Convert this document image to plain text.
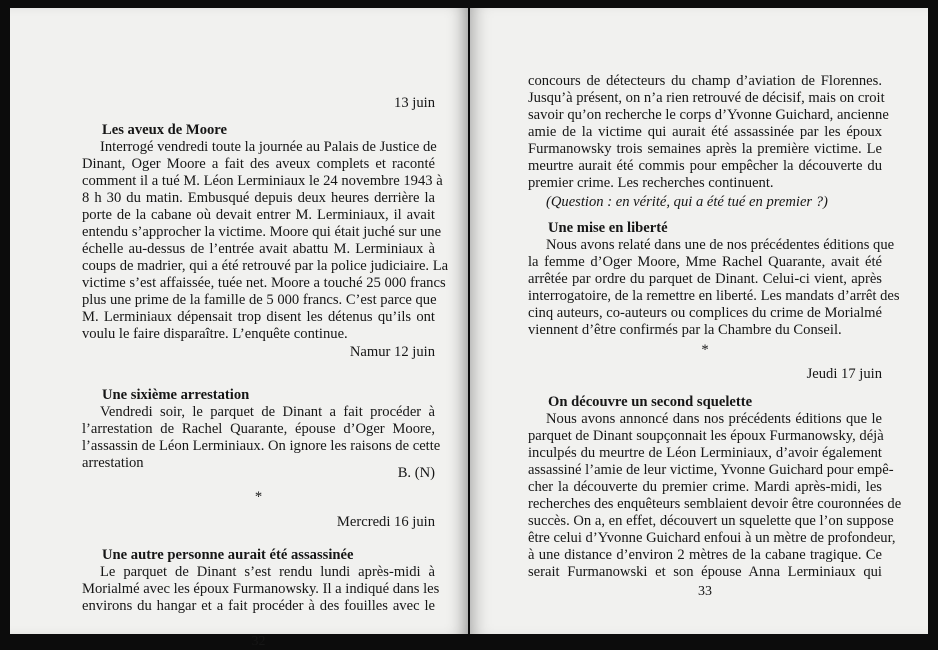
13 juin
Les aveux de Moore
Interrogé vendredi toute la journée au Palais de Justice de
Dinant, Oger Moore a fait des aveux complets et raconté
comment il a tué M. Léon Lerminiaux le 24 novembre 1943 à
8 h 30 du matin. Embusqué depuis deux heures derrière la
porte de la cabane où devait entrer M. Lerminiaux, il avait
entendu s’approcher la victime. Moore qui était juché sur une
échelle au-dessus de l’entrée avait abattu M. Lerminiaux à
coups de madrier, qui a été retrouvé par la police judiciaire. La
victime s’est affaissée, tuée net. Moore a touché 25 000 francs
plus une prime de la famille de 5 000 francs. C’est parce que
M. Lerminiaux dépensait trop disent les détenus qu’ils ont
voulu le faire disparaître. L’enquête continue.
Namur 12 juin
Une sixième arrestation
Vendredi soir, le parquet de Dinant a fait procéder à
l’arrestation de Rachel Quarante, épouse d’Oger Moore,
l’assassin de Léon Lerminiaux. On ignore les raisons de cette
arrestation
B. (N)
*
Mercredi 16 juin
Une autre personne aurait été assassinée
Le parquet de Dinant s’est rendu lundi après-midi à
Morialmé avec les époux Furmanowsky. Il a indiqué dans les
environs du hangar et a fait procéder à des fouilles avec le
32
concours de détecteurs du champ d’aviation de Florennes.
Jusqu’à présent, on n’a rien retrouvé de décisif, mais on croit
savoir qu’on recherche le corps d’Yvonne Guichard, ancienne
amie de la victime qui aurait été assassinée par les époux
Furmanowsky trois semaines après la première victime. Le
meurtre aurait été commis pour empêcher la découverte du
premier crime. Les recherches continuent.
(Question : en vérité, qui a été tué en premier ?)
Une mise en liberté
Nous avons relaté dans une de nos précédentes éditions que
la femme d’Oger Moore, Mme Rachel Quarante, avait été
arrêtée par ordre du parquet de Dinant. Celui-ci vient, après
interrogatoire, de la remettre en liberté. Les mandats d’arrêt des
cinq auteurs, co-auteurs ou complices du crime de Morialmé
viennent d’être confirmés par la Chambre du Conseil.
*
Jeudi 17 juin
On découvre un second squelette
Nous avons annoncé dans nos précédents éditions que le
parquet de Dinant soupçonnait les époux Furmanowsky, déjà
inculpés du meurtre de Léon Lerminiaux, d’avoir également
assassiné l’amie de leur victime, Yvonne Guichard pour empê-
cher la découverte du premier crime. Mardi après-midi, les
recherches des enquêteurs semblaient devoir être couronnées de
succès. On a, en effet, découvert un squelette que l’on suppose
être celui d’Yvonne Guichard enfoui à un mètre de profondeur,
à une distance d’environ 2 mètres de la cabane tragique. Ce
serait Furmanowski et son épouse Anna Lerminiaux qui
33
